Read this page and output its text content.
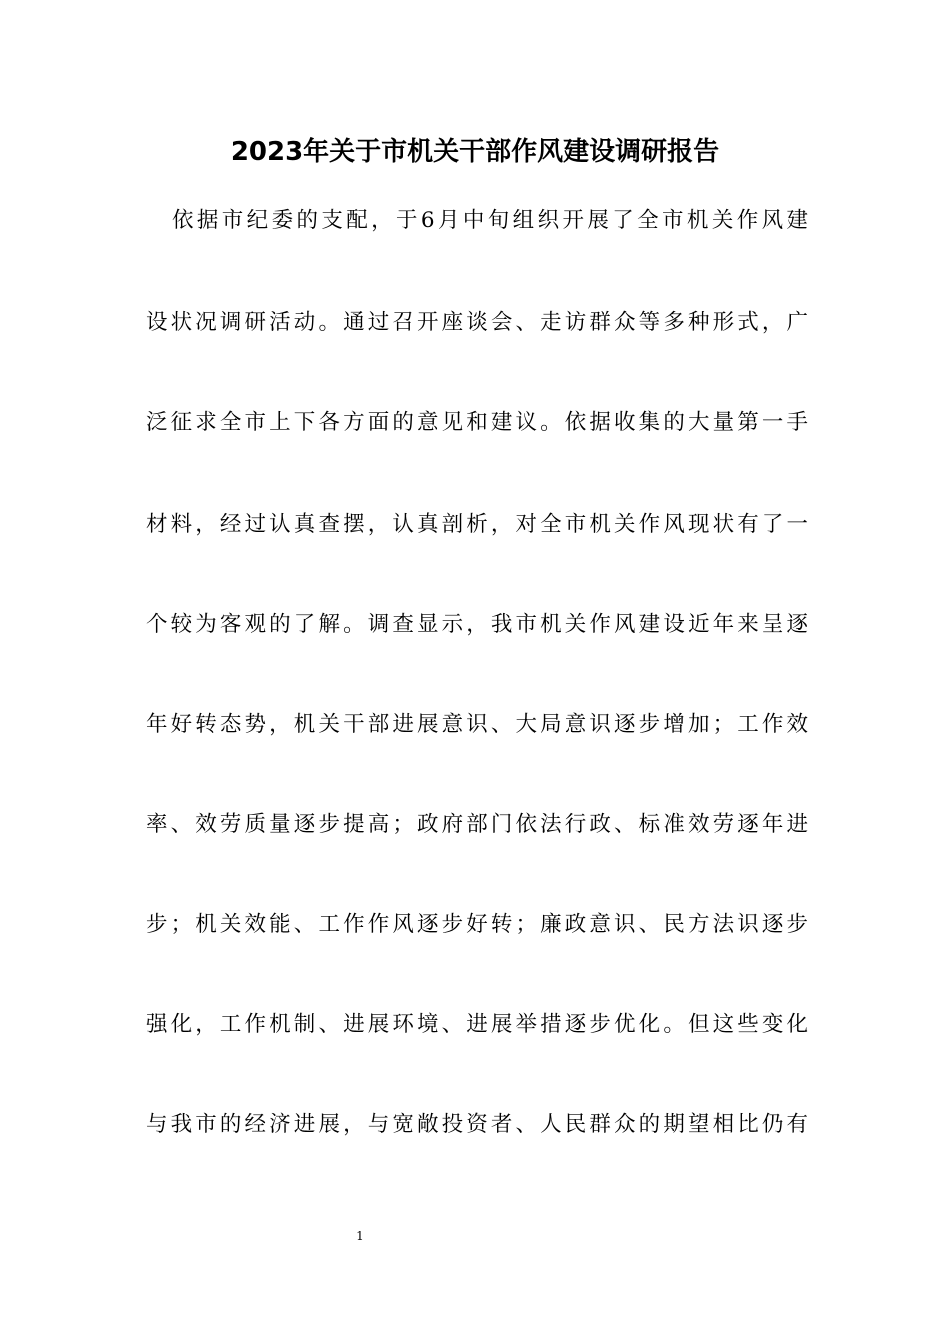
2023年关于市机关干部作风建设调研报告
依据市纪委的支配，于6月中旬组织开展了全市机关作风建
设状况调研活动。通过召开座谈会、走访群众等多种形式，广
泛征求全市上下各方面的意见和建议。依据收集的大量第一手
材料，经过认真查摆，认真剖析，对全市机关作风现状有了一
个较为客观的了解。调查显示，我市机关作风建设近年来呈逐
年好转态势，机关干部进展意识、大局意识逐步增加；工作效
率、效劳质量逐步提高；政府部门依法行政、标准效劳逐年进
步；机关效能、工作作风逐步好转；廉政意识、民方法识逐步
强化，工作机制、进展环境、进展举措逐步优化。但这些变化
与我市的经济进展，与宽敞投资者、人民群众的期望相比仍有
1
